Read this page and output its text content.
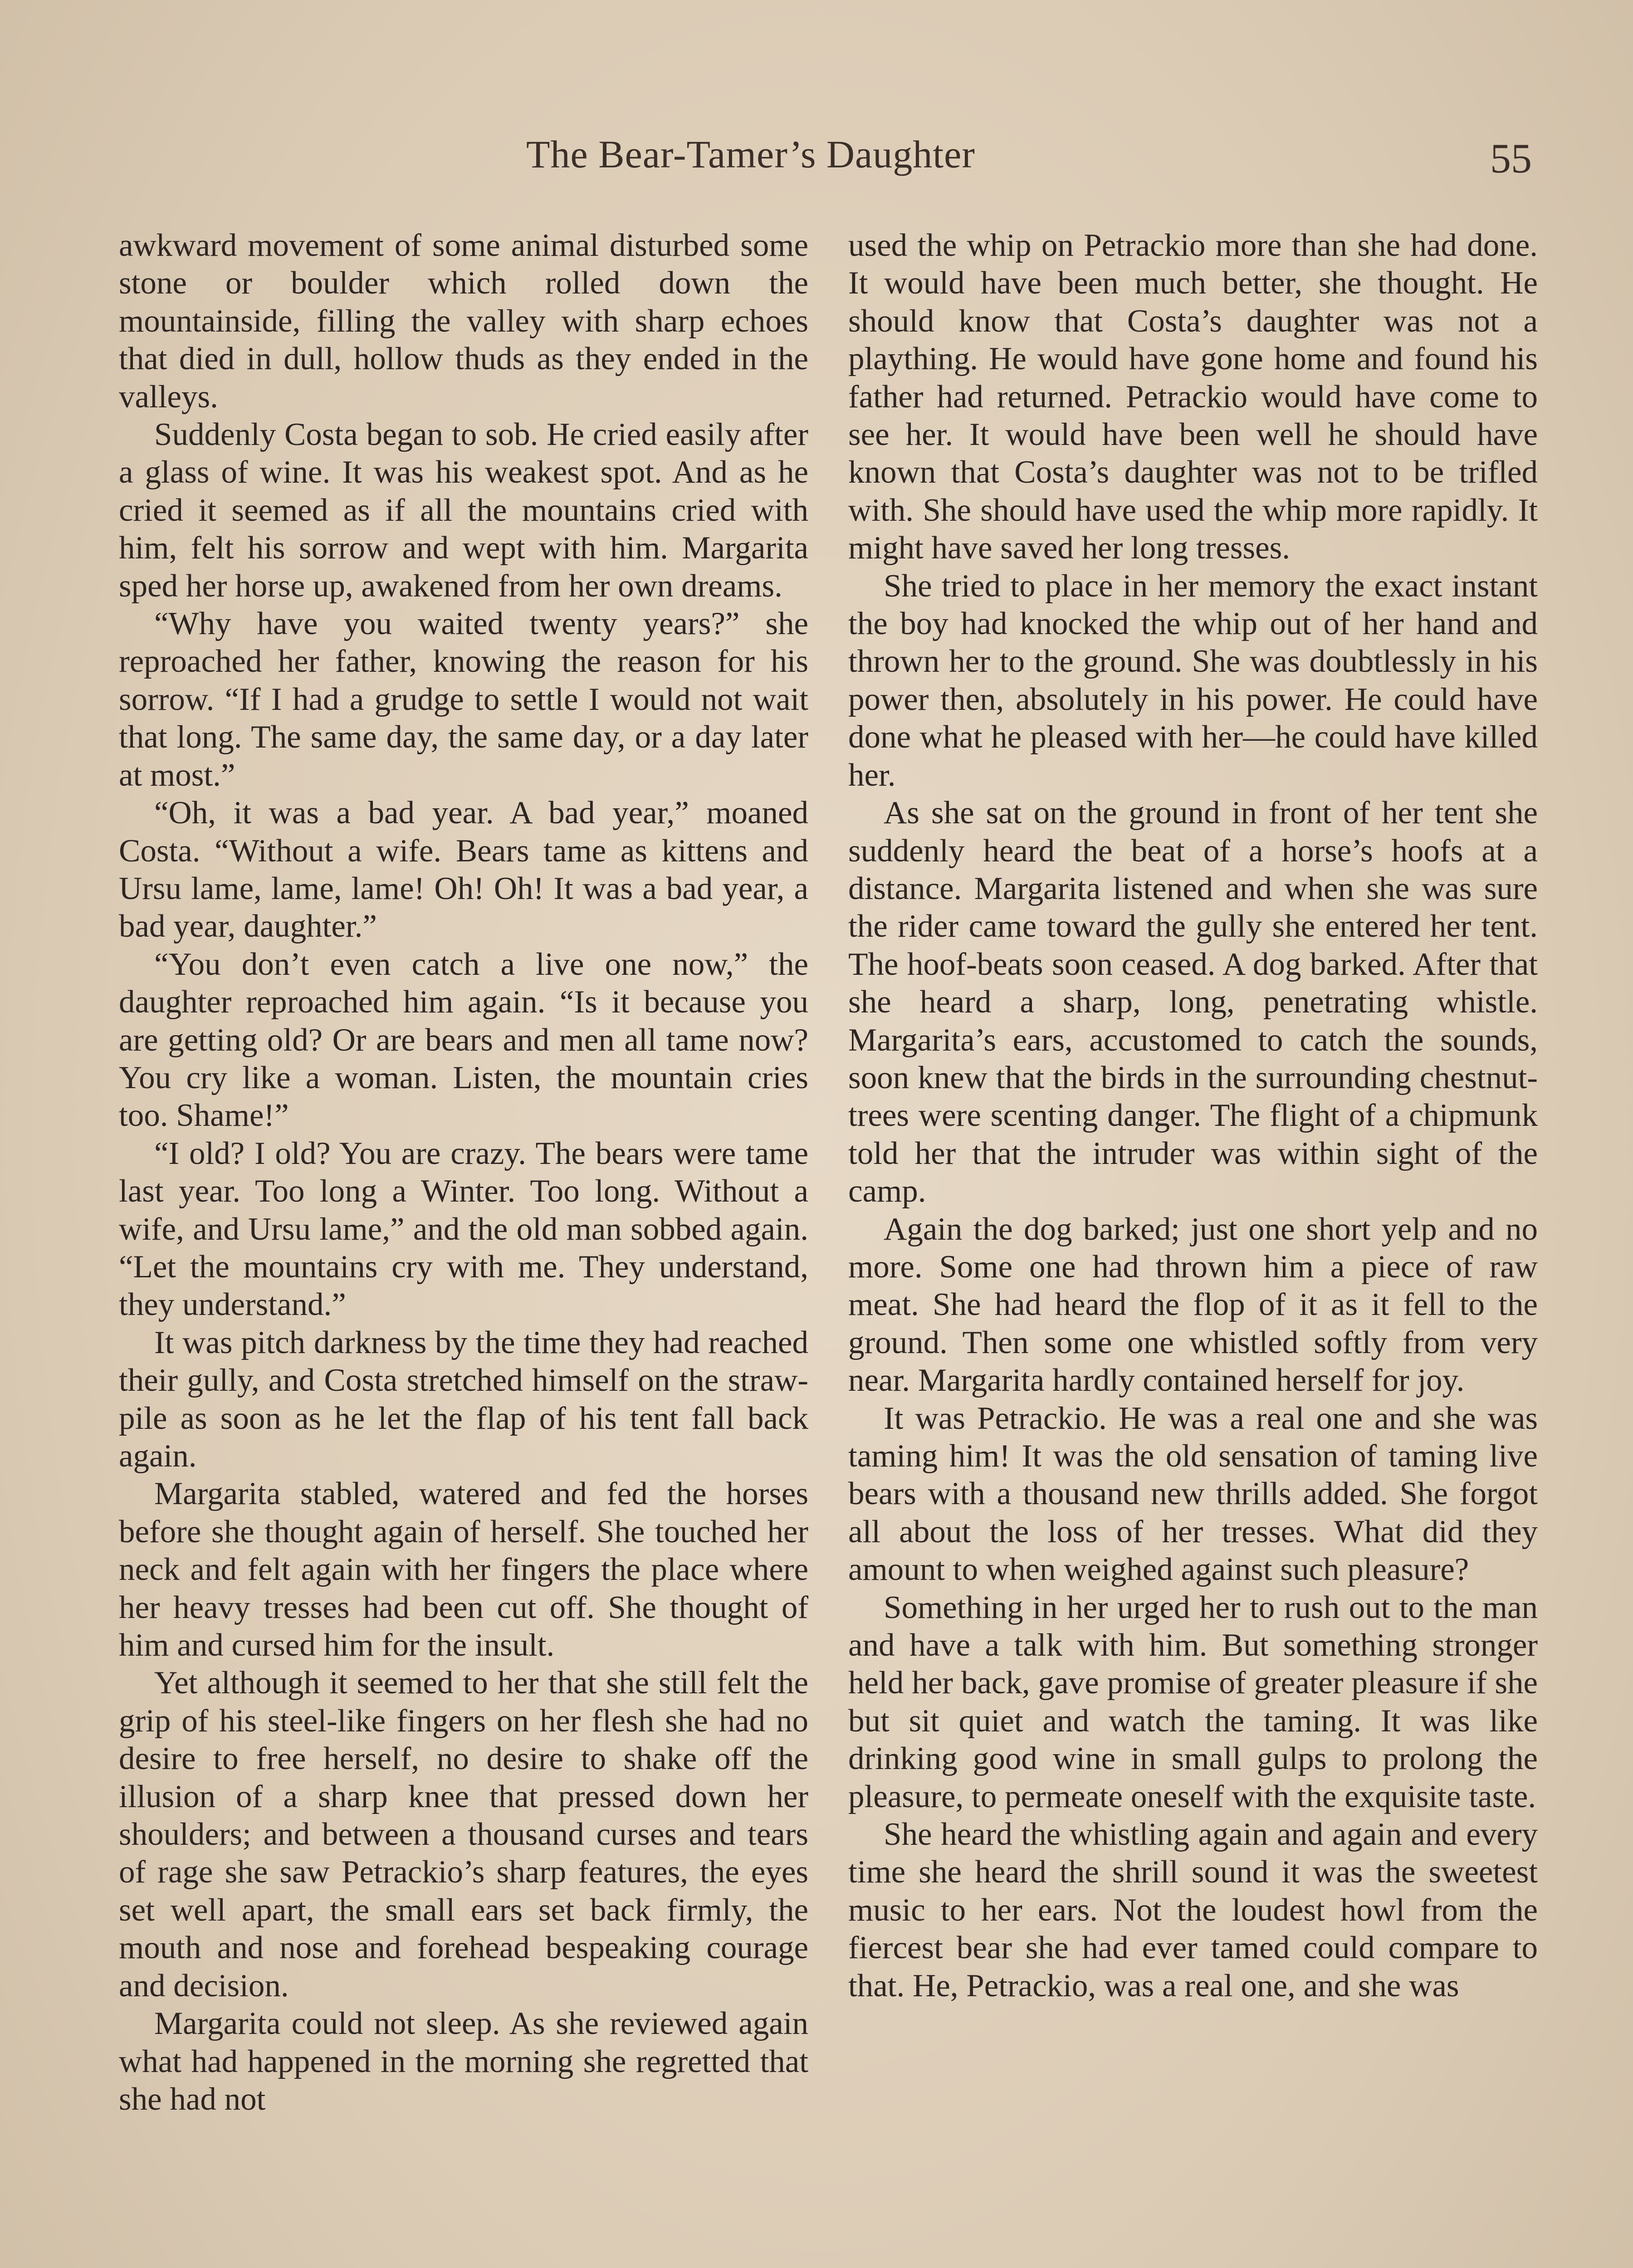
The Bear-Tamer’s Daughter	55

awkward movement of some animal disturbed some stone or boulder which rolled down the mountainside, filling the valley with sharp echoes that died in dull, hollow thuds as they ended in the valleys.

Suddenly Costa began to sob. He cried easily after a glass of wine. It was his weakest spot. And as he cried it seemed as if all the mountains cried with him, felt his sorrow and wept with him. Margarita sped her horse up, awakened from her own dreams.

“Why have you waited twenty years?” she reproached her father, knowing the reason for his sorrow. “If I had a grudge to settle I would not wait that long. The same day, the same day, or a day later at most.”

“Oh, it was a bad year. A bad year,” moaned Costa. “Without a wife. Bears tame as kittens and Ursu lame, lame, lame! Oh! Oh! It was a bad year, a bad year, daughter.”

“You don’t even catch a live one now,” the daughter reproached him again. “Is it because you are getting old? Or are bears and men all tame now? You cry like a woman. Listen, the mountain cries too. Shame!”

“I old? I old? You are crazy. The bears were tame last year. Too long a Winter. Too long. Without a wife, and Ursu lame,” and the old man sobbed again. “Let the mountains cry with me. They understand, they understand.”

It was pitch darkness by the time they had reached their gully, and Costa stretched himself on the straw-pile as soon as he let the flap of his tent fall back again.

Margarita stabled, watered and fed the horses before she thought again of herself. She touched her neck and felt again with her fingers the place where her heavy tresses had been cut off. She thought of him and cursed him for the insult.

Yet although it seemed to her that she still felt the grip of his steel-like fingers on her flesh she had no desire to free herself, no desire to shake off the illusion of a sharp knee that pressed down her shoulders; and between a thousand curses and tears of rage she saw Petrackio’s sharp features, the eyes set well apart, the small ears set back firmly, the mouth and nose and forehead bespeaking courage and decision.

Margarita could not sleep. As she reviewed again what had happened in the morning she regretted that she had not

used the whip on Petrackio more than she had done. It would have been much better, she thought. He should know that Costa’s daughter was not a plaything. He would have gone home and found his father had returned. Petrackio would have come to see her. It would have been well he should have known that Costa’s daughter was not to be trifled with. She should have used the whip more rapidly. It might have saved her long tresses.

She tried to place in her memory the exact instant the boy had knocked the whip out of her hand and thrown her to the ground. She was doubtlessly in his power then, absolutely in his power. He could have done what he pleased with her—he could have killed her.

As she sat on the ground in front of her tent she suddenly heard the beat of a horse’s hoofs at a distance. Margarita listened and when she was sure the rider came toward the gully she entered her tent. The hoof-beats soon ceased. A dog barked. After that she heard a sharp, long, penetrating whistle. Margarita’s ears, accustomed to catch the sounds, soon knew that the birds in the surrounding chestnut-trees were scenting danger. The flight of a chipmunk told her that the intruder was within sight of the camp.

Again the dog barked; just one short yelp and no more. Some one had thrown him a piece of raw meat. She had heard the flop of it as it fell to the ground. Then some one whistled softly from very near. Margarita hardly contained herself for joy.

It was Petrackio. He was a real one and she was taming him! It was the old sensation of taming live bears with a thousand new thrills added. She forgot all about the loss of her tresses. What did they amount to when weighed against such pleasure?

Something in her urged her to rush out to the man and have a talk with him. But something stronger held her back, gave promise of greater pleasure if she but sit quiet and watch the taming. It was like drinking good wine in small gulps to prolong the pleasure, to permeate oneself with the exquisite taste.

She heard the whistling again and again and every time she heard the shrill sound it was the sweetest music to her ears. Not the loudest howl from the fiercest bear she had ever tamed could compare to that. He, Petrackio, was a real one, and she was
